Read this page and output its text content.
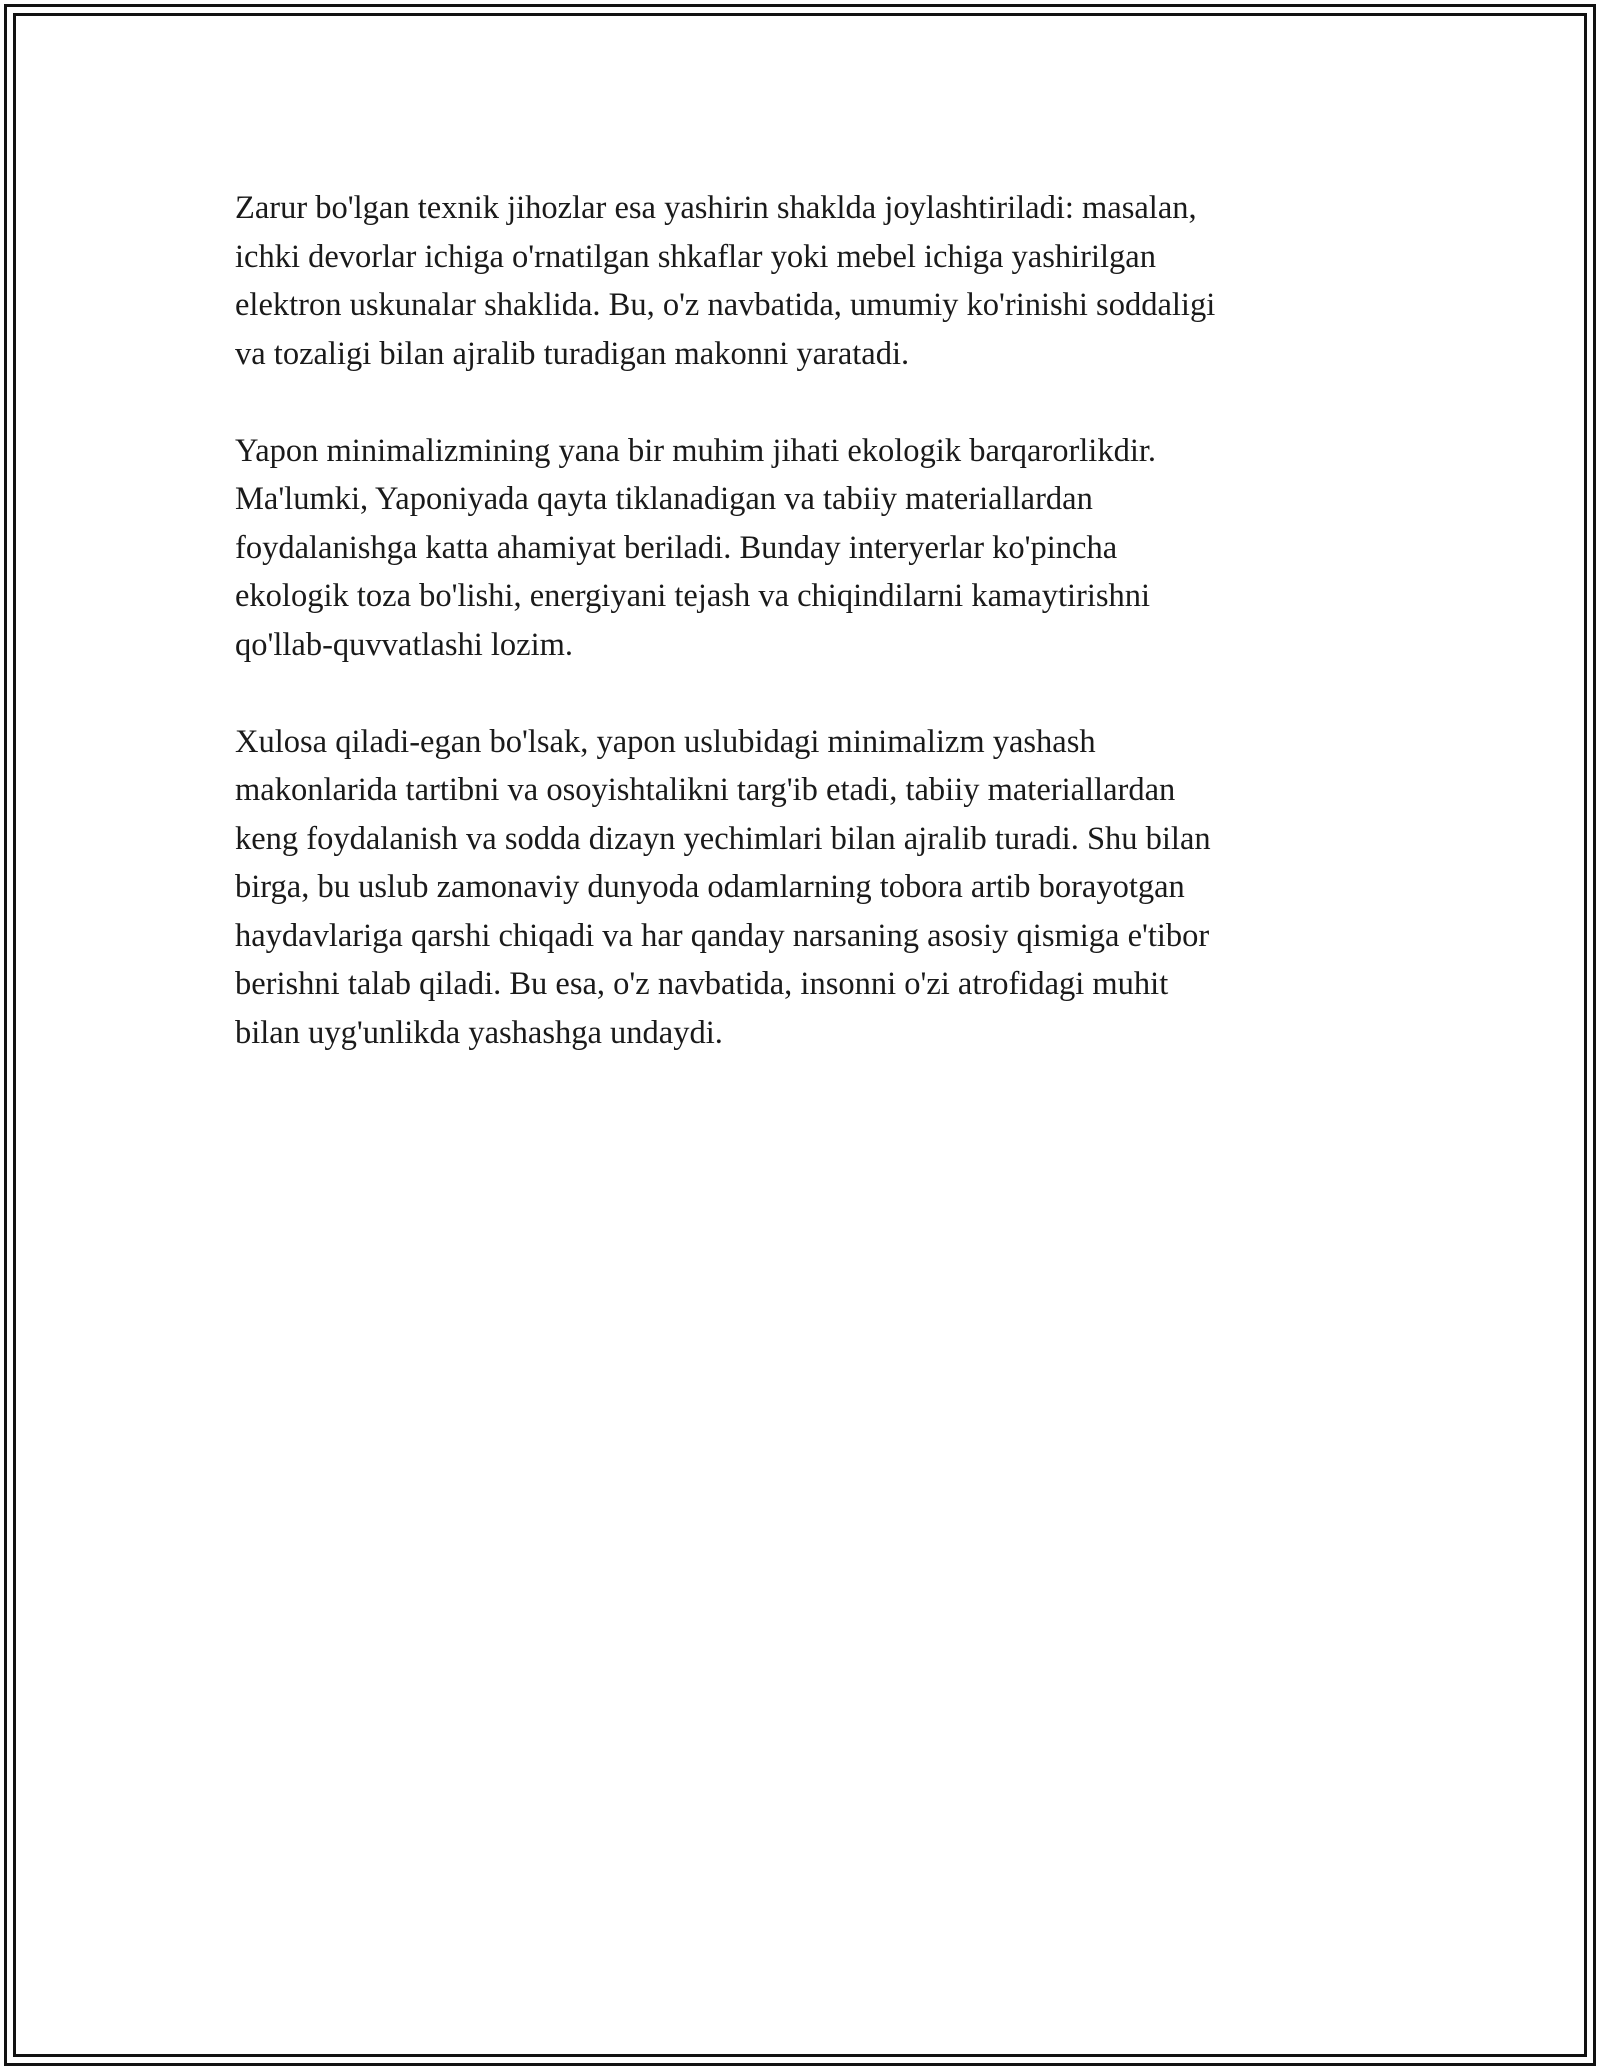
Zarur bo'lgan texnik jihozlar esa yashirin shaklda joylashtiriladi: masalan,
ichki devorlar ichiga o'rnatilgan shkaflar yoki mebel ichiga yashirilgan
elektron uskunalar shaklida. Bu, o'z navbatida, umumiy ko'rinishi soddaligi
va tozaligi bilan ajralib turadigan makonni yaratadi.

Yapon minimalizmining yana bir muhim jihati ekologik barqarorlikdir.
Ma'lumki, Yaponiyada qayta tiklanadigan va tabiiy materiallardan
foydalanishga katta ahamiyat beriladi. Bunday interyerlar ko'pincha
ekologik toza bo'lishi, energiyani tejash va chiqindilarni kamaytirishni
qo'llab-quvvatlashi lozim.

Xulosa qiladi-egan bo'lsak, yapon uslubidagi minimalizm yashash
makonlarida tartibni va osoyishtalikni targ'ib etadi, tabiiy materiallardan
keng foydalanish va sodda dizayn yechimlari bilan ajralib turadi. Shu bilan
birga, bu uslub zamonaviy dunyoda odamlarning tobora artib borayotgan
haydavlariga qarshi chiqadi va har qanday narsaning asosiy qismiga e'tibor
berishni talab qiladi. Bu esa, o'z navbatida, insonni o'zi atrofidagi muhit
bilan uyg'unlikda yashashga undaydi.
